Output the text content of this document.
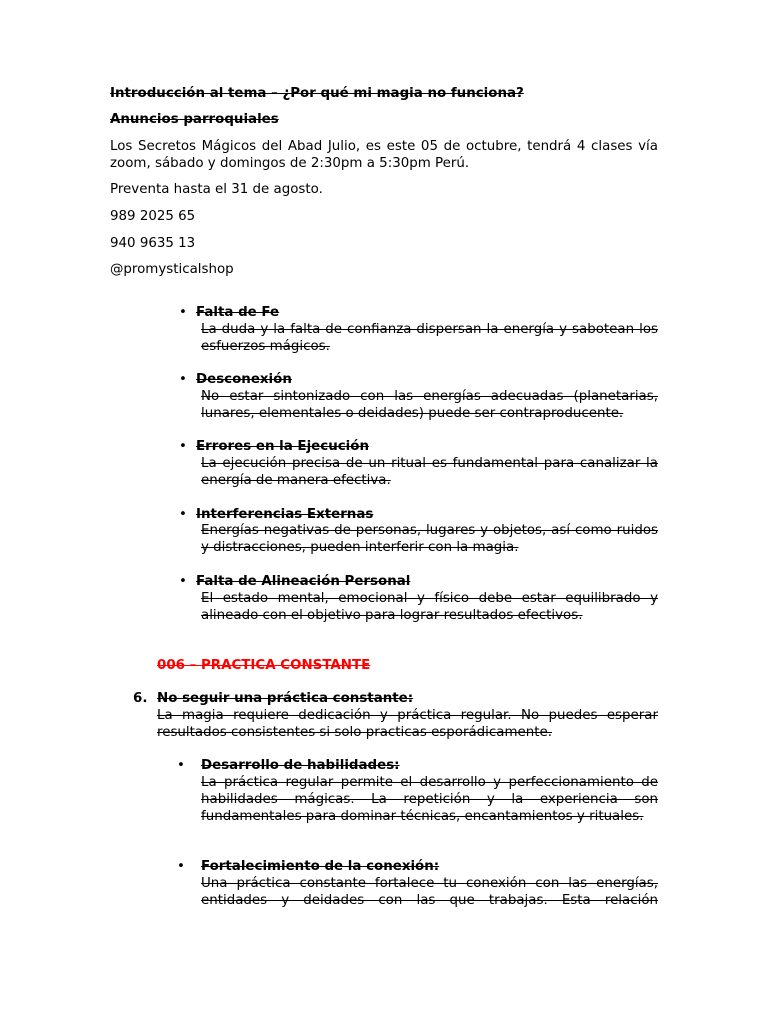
Introducción al tema – ¿Por qué mi magia no funciona?
Anuncios parroquiales
Los Secretos Mágicos del Abad Julio, es este 05 de octubre, tendrá 4 clases vía zoom, sábado y domingos de 2:30pm a 5:30pm Perú.
Preventa hasta el 31 de agosto.
989 2025 65
940 9635 13
@promysticalshop
• Falta de Fe
La duda y la falta de confianza dispersan la energía y sabotean los esfuerzos mágicos.
• Desconexión
No estar sintonizado con las energías adecuadas (planetarias, lunares, elementales o deidades) puede ser contraproducente.
• Errores en la Ejecución
La ejecución precisa de un ritual es fundamental para canalizar la energía de manera efectiva.
• Interferencias Externas
Energías negativas de personas, lugares y objetos, así como ruidos y distracciones, pueden interferir con la magia.
• Falta de Alineación Personal
El estado mental, emocional y físico debe estar equilibrado y alineado con el objetivo para lograr resultados efectivos.
006 – PRACTICA CONSTANTE
6. No seguir una práctica constante:
La magia requiere dedicación y práctica regular. No puedes esperar resultados consistentes si solo practicas esporádicamente.
• Desarrollo de habilidades:
La práctica regular permite el desarrollo y perfeccionamiento de habilidades mágicas. La repetición y la experiencia son fundamentales para dominar técnicas, encantamientos y rituales.
• Fortalecimiento de la conexión:
Una práctica constante fortalece tu conexión con las energías, entidades y deidades con las que trabajas. Esta relación
